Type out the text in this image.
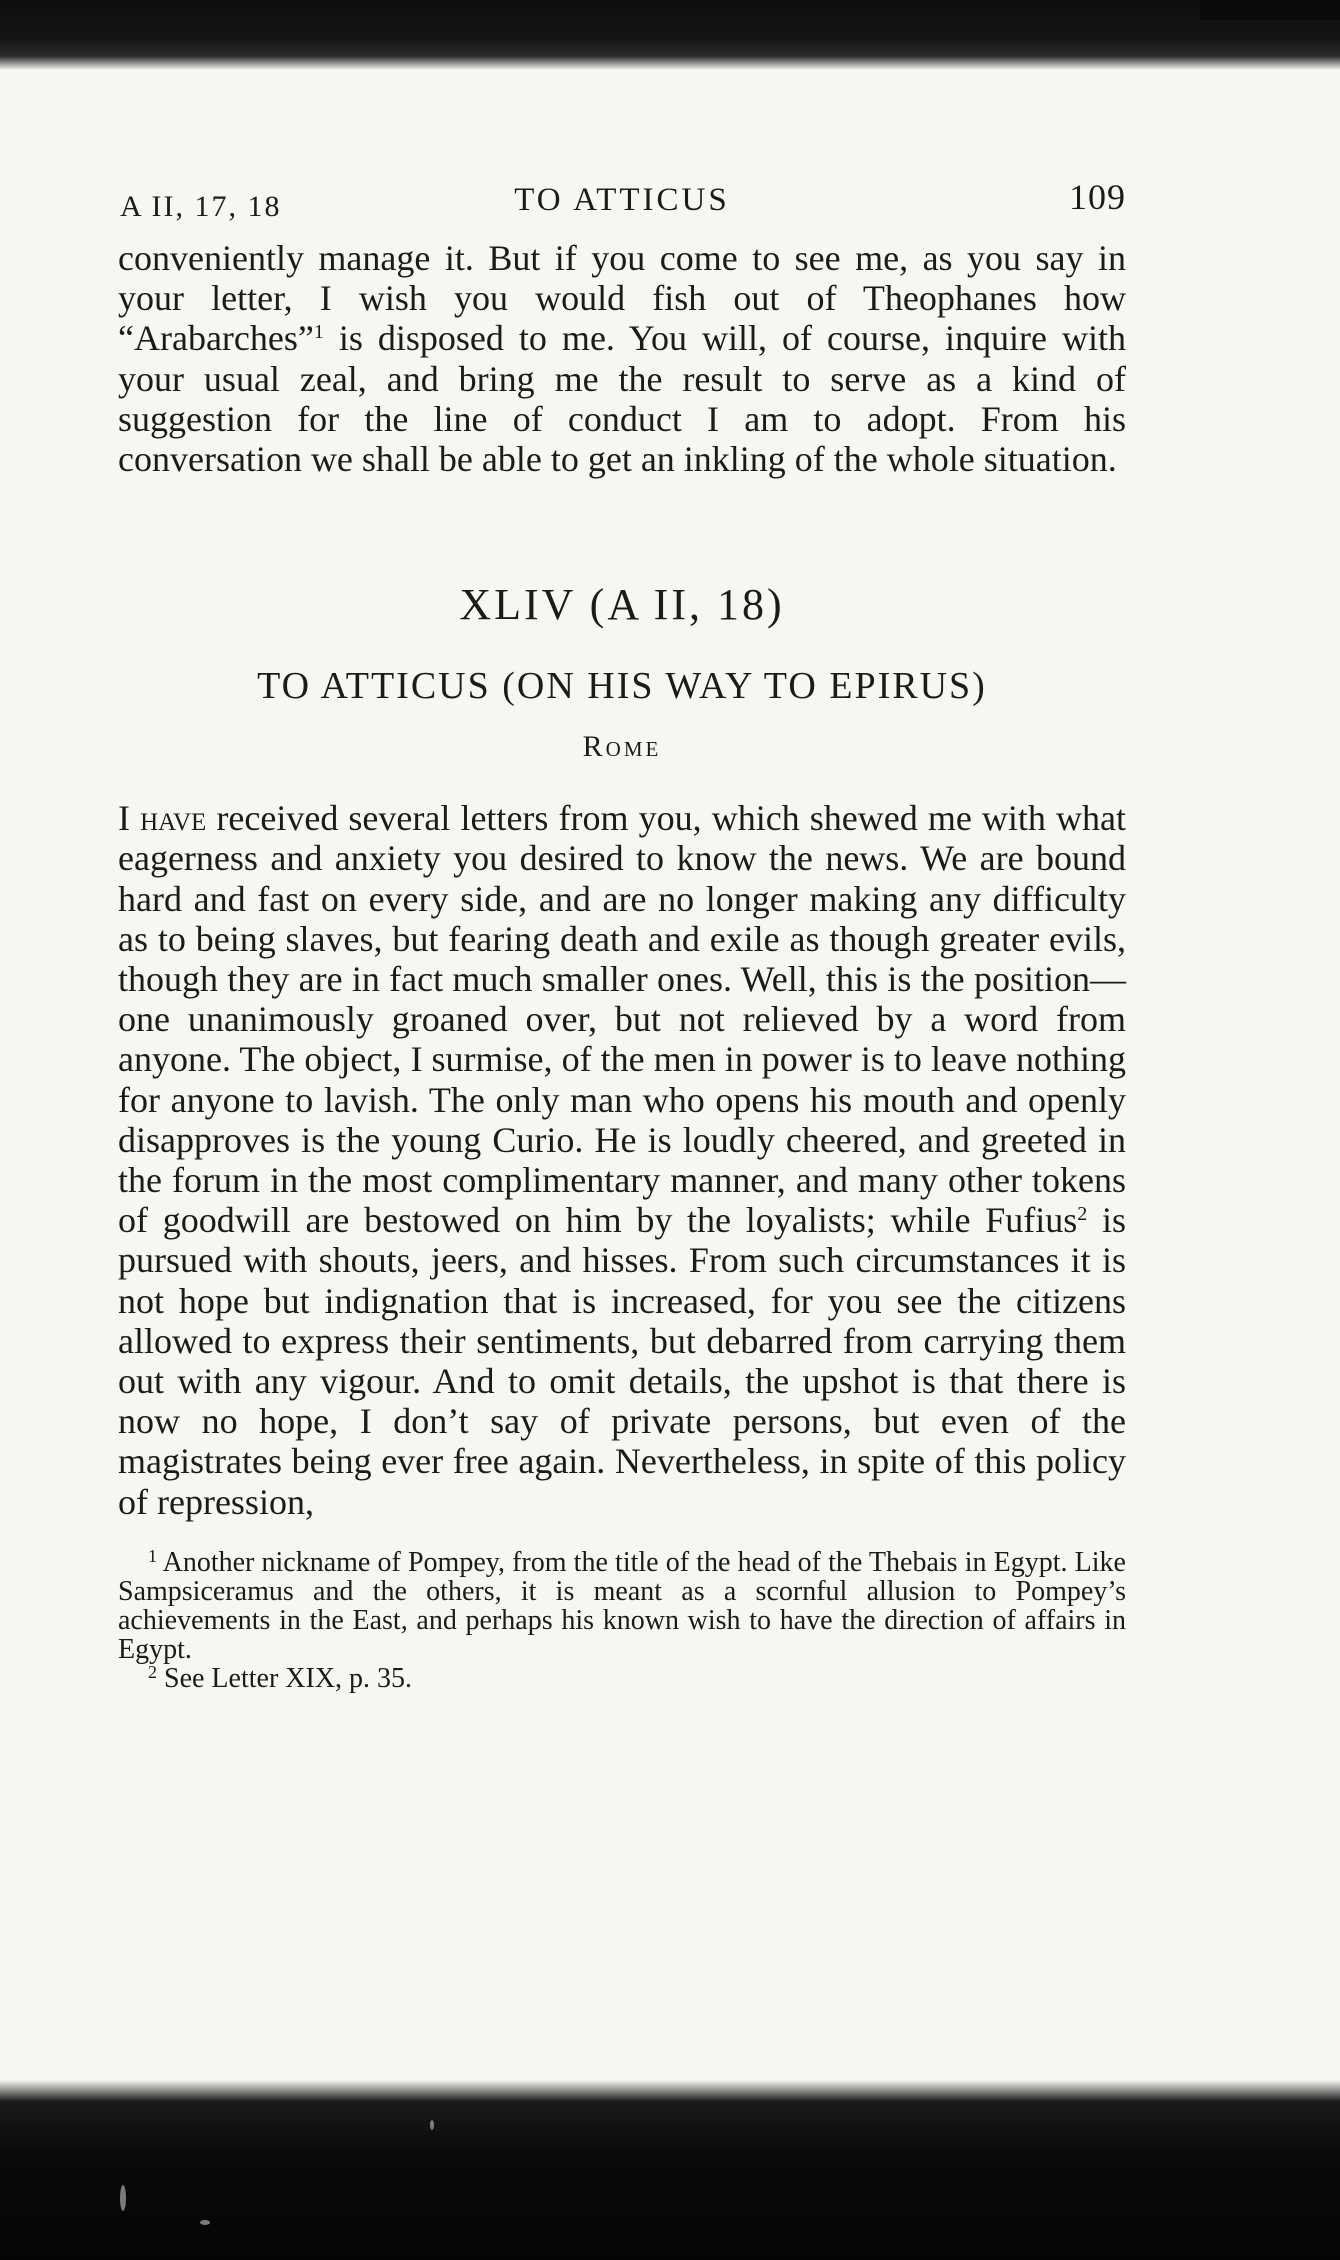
A II, 17, 18	TO ATTICUS	109

conveniently manage it. But if you come to see me, as you say in your letter, I wish you would fish out of Theophanes how “Arabarches”$^1$ is disposed to me. You will, of course, inquire with your usual zeal, and bring me the result to serve as a kind of suggestion for the line of conduct I am to adopt. From his conversation we shall be able to get an inkling of the whole situation.

XLIV (A II, 18)
TO ATTICUS (ON HIS WAY TO EPIRUS)
Rome

I have received several letters from you, which shewed me with what eagerness and anxiety you desired to know the news. We are bound hard and fast on every side, and are no longer making any difficulty as to being slaves, but fearing death and exile as though greater evils, though they are in fact much smaller ones. Well, this is the position—one unanimously groaned over, but not relieved by a word from anyone. The object, I surmise, of the men in power is to leave nothing for anyone to lavish. The only man who opens his mouth and openly disapproves is the young Curio. He is loudly cheered, and greeted in the forum in the most complimentary manner, and many other tokens of goodwill are bestowed on him by the loyalists; while Fufius$^2$ is pursued with shouts, jeers, and hisses. From such circumstances it is not hope but indignation that is increased, for you see the citizens allowed to express their sentiments, but debarred from carrying them out with any vigour. And to omit details, the upshot is that there is now no hope, I don’t say of private persons, but even of the magistrates being ever free again. Nevertheless, in spite of this policy of repression,

$^1$ Another nickname of Pompey, from the title of the head of the Thebais in Egypt. Like Sampsiceramus and the others, it is meant as a scornful allusion to Pompey’s achievements in the East, and perhaps his known wish to have the direction of affairs in Egypt.

$^2$ See Letter XIX, p. 35.
